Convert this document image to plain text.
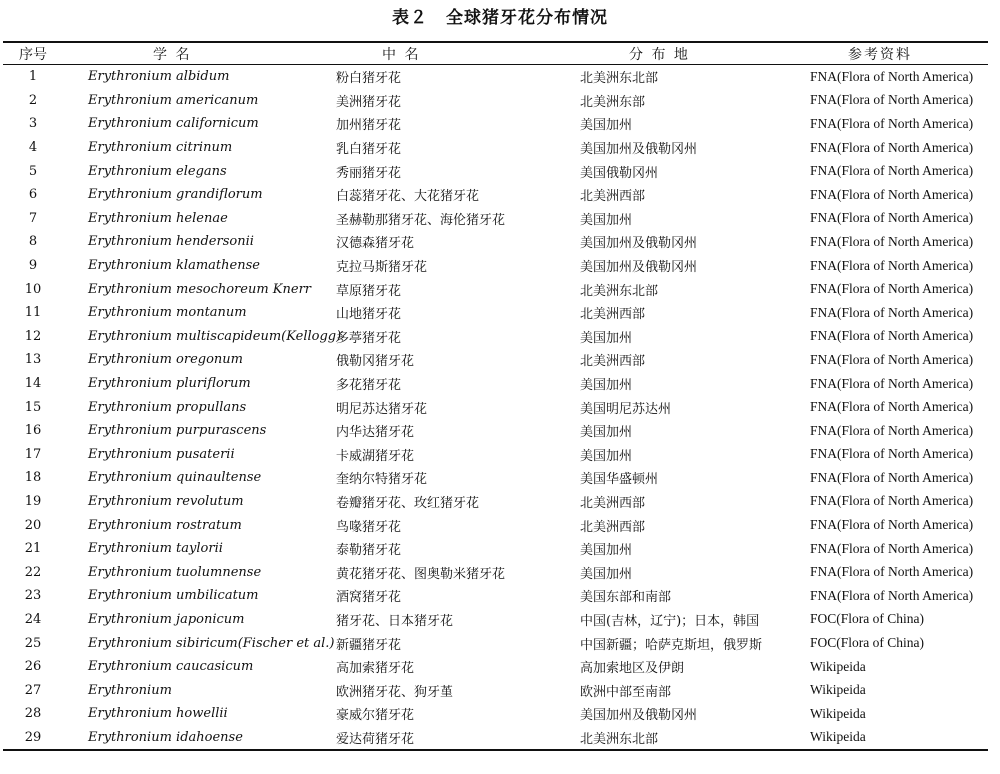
表２　全球猪牙花分布情况
序号	学 名	中 名	分 布 地	参考资料
1	Erythronium albidum	粉白猪牙花	北美洲东北部	FNA(Flora of North America)
2	Erythronium americanum	美洲猪牙花	北美洲东部	FNA(Flora of North America)
3	Erythronium californicum	加州猪牙花	美国加州	FNA(Flora of North America)
4	Erythronium citrinum	乳白猪牙花	美国加州及俄勒冈州	FNA(Flora of North America)
5	Erythronium elegans	秀丽猪牙花	美国俄勒冈州	FNA(Flora of North America)
6	Erythronium grandiflorum	白蕊猪牙花、大花猪牙花	北美洲西部	FNA(Flora of North America)
7	Erythronium helenae	圣赫勒那猪牙花、海伦猪牙花	美国加州	FNA(Flora of North America)
8	Erythronium hendersonii	汉德森猪牙花	美国加州及俄勒冈州	FNA(Flora of North America)
9	Erythronium klamathense	克拉马斯猪牙花	美国加州及俄勒冈州	FNA(Flora of North America)
10	Erythronium mesochoreum Knerr	草原猪牙花	北美洲东北部	FNA(Flora of North America)
11	Erythronium montanum	山地猪牙花	北美洲西部	FNA(Flora of North America)
12	Erythronium multiscapideum(Kellogg)	多葶猪牙花	美国加州	FNA(Flora of North America)
13	Erythronium oregonum	俄勒冈猪牙花	北美洲西部	FNA(Flora of North America)
14	Erythronium pluriflorum	多花猪牙花	美国加州	FNA(Flora of North America)
15	Erythronium propullans	明尼苏达猪牙花	美国明尼苏达州	FNA(Flora of North America)
16	Erythronium purpurascens	内华达猪牙花	美国加州	FNA(Flora of North America)
17	Erythronium pusaterii	卡威湖猪牙花	美国加州	FNA(Flora of North America)
18	Erythronium quinaultense	奎纳尔特猪牙花	美国华盛顿州	FNA(Flora of North America)
19	Erythronium revolutum	卷瓣猪牙花、玫红猪牙花	北美洲西部	FNA(Flora of North America)
20	Erythronium rostratum	鸟喙猪牙花	北美洲西部	FNA(Flora of North America)
21	Erythronium taylorii	泰勒猪牙花	美国加州	FNA(Flora of North America)
22	Erythronium tuolumnense	黄花猪牙花、图奥勒米猪牙花	美国加州	FNA(Flora of North America)
23	Erythronium umbilicatum	酒窝猪牙花	美国东部和南部	FNA(Flora of North America)
24	Erythronium japonicum	猪牙花、日本猪牙花	中国(吉林，辽宁)；日本，韩国	FOC(Flora of China)
25	Erythronium sibiricum(Fischer et al.)	新疆猪牙花	中国新疆；哈萨克斯坦，俄罗斯	FOC(Flora of China)
26	Erythronium caucasicum	高加索猪牙花	高加索地区及伊朗	Wikipeida
27	Erythronium	欧洲猪牙花、狗牙堇	欧洲中部至南部	Wikipeida
28	Erythronium howellii	豪威尔猪牙花	美国加州及俄勒冈州	Wikipeida
29	Erythronium idahoense	爱达荷猪牙花	北美洲东北部	Wikipeida
